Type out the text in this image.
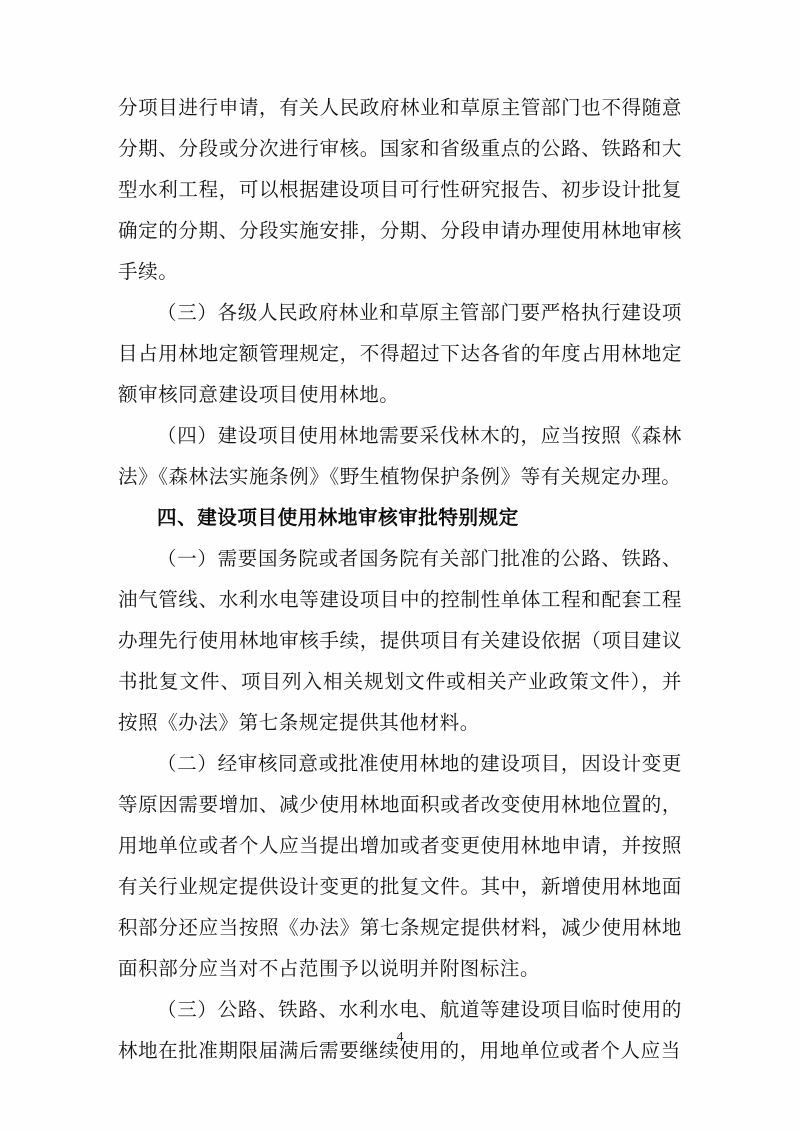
分项目进行申请，有关人民政府林业和草原主管部门也不得随意分期、分段或分次进行审核。国家和省级重点的公路、铁路和大型水利工程，可以根据建设项目可行性研究报告、初步设计批复确定的分期、分段实施安排，分期、分段申请办理使用林地审核手续。

（三）各级人民政府林业和草原主管部门要严格执行建设项目占用林地定额管理规定，不得超过下达各省的年度占用林地定额审核同意建设项目使用林地。

（四）建设项目使用林地需要采伐林木的，应当按照《森林法》《森林法实施条例》《野生植物保护条例》等有关规定办理。

四、建设项目使用林地审核审批特别规定

（一）需要国务院或者国务院有关部门批准的公路、铁路、油气管线、水利水电等建设项目中的控制性单体工程和配套工程办理先行使用林地审核手续，提供项目有关建设依据（项目建议书批复文件、项目列入相关规划文件或相关产业政策文件），并按照《办法》第七条规定提供其他材料。

（二）经审核同意或批准使用林地的建设项目，因设计变更等原因需要增加、减少使用林地面积或者改变使用林地位置的，用地单位或者个人应当提出增加或者变更使用林地申请，并按照有关行业规定提供设计变更的批复文件。其中，新增使用林地面积部分还应当按照《办法》第七条规定提供材料，减少使用林地面积部分应当对不占范围予以说明并附图标注。

（三）公路、铁路、水利水电、航道等建设项目临时使用的林地在批准期限届满后需要继续使用的，用地单位或者个人应当

4
